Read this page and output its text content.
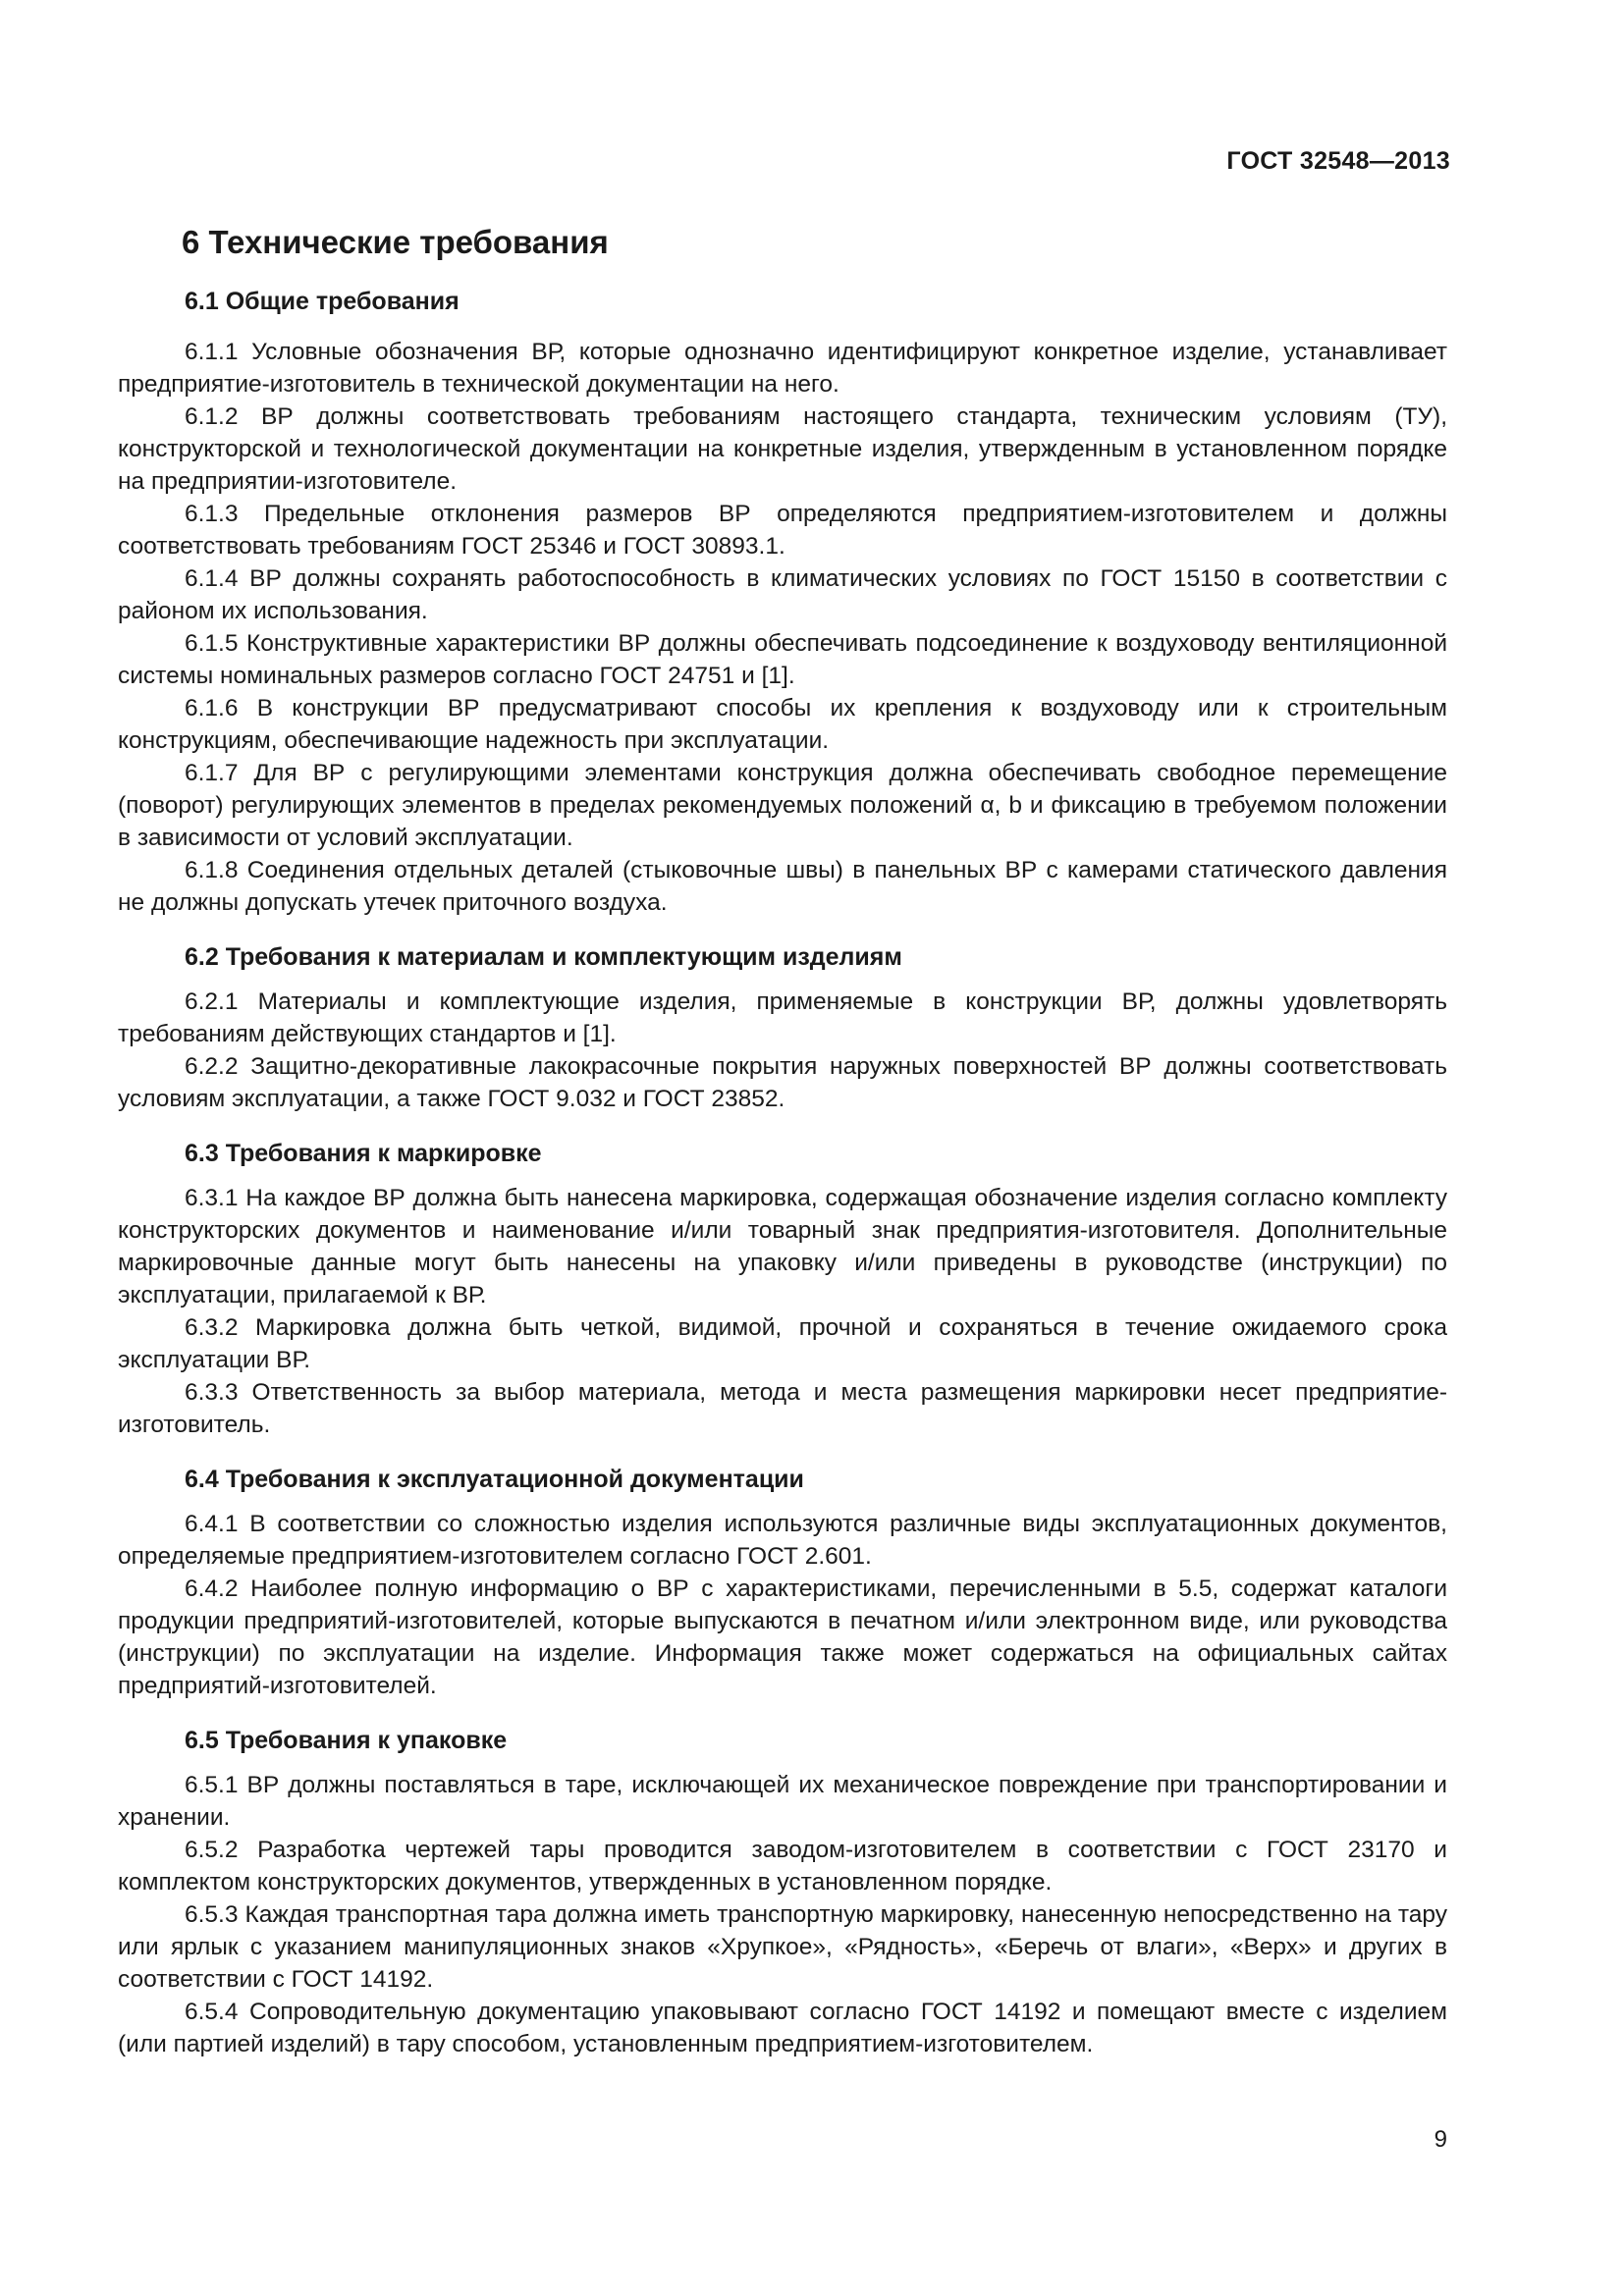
ГОСТ 32548—2013
6 Технические требования
6.1 Общие требования

6.1.1 Условные обозначения ВР, которые однозначно идентифицируют конкретное изделие, устанавливает предприятие-изготовитель в технической документации на него.

6.1.2 ВР должны соответствовать требованиям настоящего стандарта, техническим условиям (ТУ), конструкторской и технологической документации на конкретные изделия, утвержденным в установленном порядке на предприятии-изготовителе.

6.1.3 Предельные отклонения размеров ВР определяются предприятием-изготовителем и должны соответствовать требованиям ГОСТ 25346 и ГОСТ 30893.1.

6.1.4 ВР должны сохранять работоспособность в климатических условиях по ГОСТ 15150 в соответствии с районом их использования.

6.1.5 Конструктивные характеристики ВР должны обеспечивать подсоединение к воздуховоду вентиляционной системы номинальных размеров согласно ГОСТ 24751 и [1].

6.1.6 В конструкции ВР предусматривают способы их крепления к воздуховоду или к строительным конструкциям, обеспечивающие надежность при эксплуатации.

6.1.7 Для ВР с регулирующими элементами конструкция должна обеспечивать свободное перемещение (поворот) регулирующих элементов в пределах рекомендуемых положений α, b и фиксацию в требуемом положении в зависимости от условий эксплуатации.

6.1.8 Соединения отдельных деталей (стыковочные швы) в панельных ВР с камерами статического давления не должны допускать утечек приточного воздуха.

6.2 Требования к материалам и комплектующим изделиям

6.2.1 Материалы и комплектующие изделия, применяемые в конструкции ВР, должны удовлетворять требованиям действующих стандартов и [1].

6.2.2 Защитно-декоративные лакокрасочные покрытия наружных поверхностей ВР должны соответствовать условиям эксплуатации, а также ГОСТ 9.032 и ГОСТ 23852.

6.3 Требования к маркировке

6.3.1 На каждое ВР должна быть нанесена маркировка, содержащая обозначение изделия согласно комплекту конструкторских документов и наименование и/или товарный знак предприятия-изготовителя. Дополнительные маркировочные данные могут быть нанесены на упаковку и/или приведены в руководстве (инструкции) по эксплуатации, прилагаемой к ВР.

6.3.2 Маркировка должна быть четкой, видимой, прочной и сохраняться в течение ожидаемого срока эксплуатации ВР.

6.3.3 Ответственность за выбор материала, метода и места размещения маркировки несет предприятие-изготовитель.

6.4 Требования к эксплуатационной документации

6.4.1 В соответствии со сложностью изделия используются различные виды эксплуатационных документов, определяемые предприятием-изготовителем согласно ГОСТ 2.601.

6.4.2 Наиболее полную информацию о ВР с характеристиками, перечисленными в 5.5, содержат каталоги продукции предприятий-изготовителей, которые выпускаются в печатном и/или электронном виде, или руководства (инструкции) по эксплуатации на изделие. Информация также может содержаться на официальных сайтах предприятий-изготовителей.

6.5 Требования к упаковке

6.5.1 ВР должны поставляться в таре, исключающей их механическое повреждение при транспортировании и хранении.

6.5.2 Разработка чертежей тары проводится заводом-изготовителем в соответствии с ГОСТ 23170 и комплектом конструкторских документов, утвержденных в установленном порядке.

6.5.3 Каждая транспортная тара должна иметь транспортную маркировку, нанесенную непосредственно на тару или ярлык с указанием манипуляционных знаков «Хрупкое», «Рядность», «Беречь от влаги», «Верх» и других в соответствии с ГОСТ 14192.

6.5.4 Сопроводительную документацию упаковывают согласно ГОСТ 14192 и помещают вместе с изделием (или партией изделий) в тару способом, установленным предприятием-изготовителем.

9
